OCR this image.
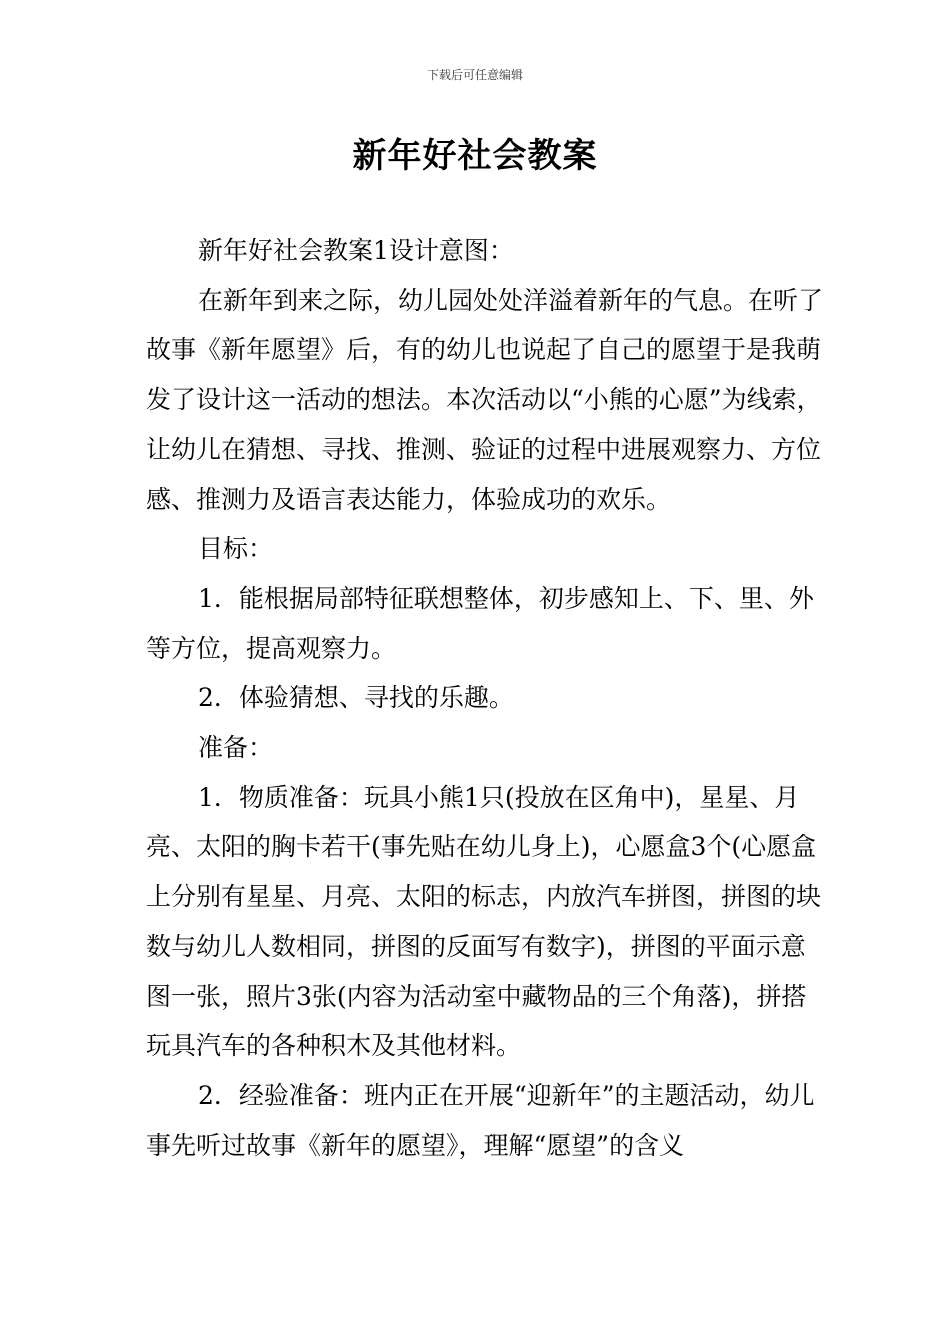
下载后可任意编辑
新年好社会教案

新年好社会教案1设计意图：

在新年到来之际，幼儿园处处洋溢着新年的气息。在听了故事《新年愿望》后，有的幼儿也说起了自己的愿望于是我萌发了设计这一活动的想法。本次活动以“小熊的心愿”为线索，让幼儿在猜想、寻找、推测、验证的过程中进展观察力、方位感、推测力及语言表达能力，体验成功的欢乐。

目标：

1．能根据局部特征联想整体，初步感知上、下、里、外等方位，提高观察力。

2．体验猜想、寻找的乐趣。

准备：

1．物质准备：玩具小熊1只(投放在区角中)，星星、月亮、太阳的胸卡若干(事先贴在幼儿身上)，心愿盒3个(心愿盒上分别有星星、月亮、太阳的标志，内放汽车拼图，拼图的块数与幼儿人数相同，拼图的反面写有数字)，拼图的平面示意图一张，照片3张(内容为活动室中藏物品的三个角落)，拼搭玩具汽车的各种积木及其他材料。

2．经验准备：班内正在开展“迎新年”的主题活动，幼儿事先听过故事《新年的愿望》，理解“愿望”的含义
